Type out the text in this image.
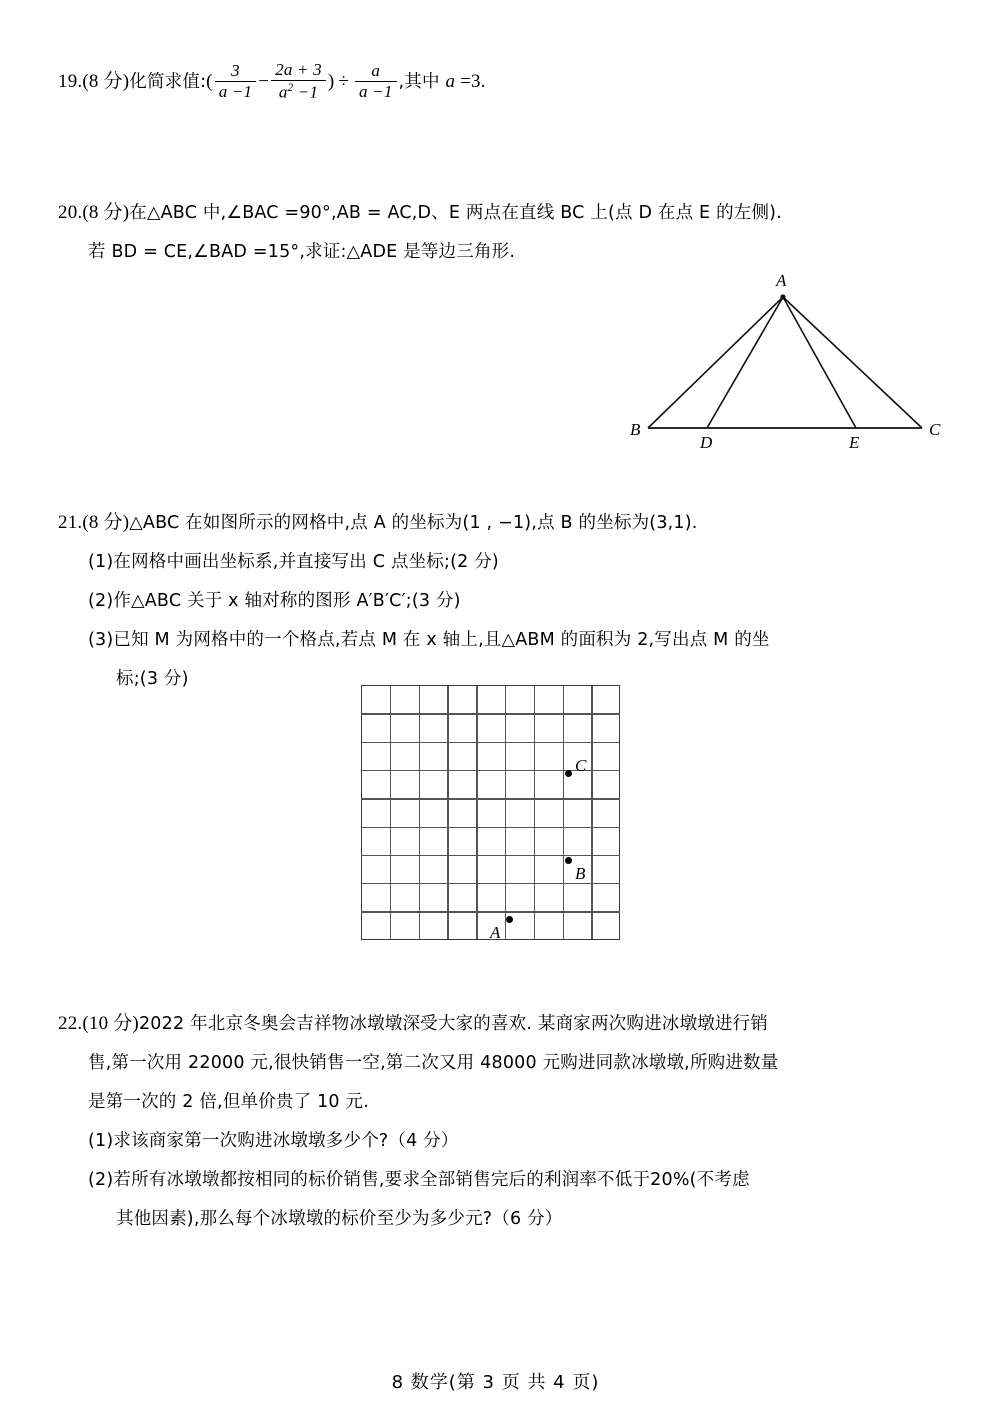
19.(8 分)化简求值:( $\frac{3}{a -1} - \frac{2a + 3}{a^2 -1}$ ) ÷ $\frac{a}{a -1}$ ,其中 a =3.
20.(8 分)在△ABC 中,∠BAC =90°,AB = AC,D、E 两点在直线 BC 上(点 D 在点 E 的左侧).
若 BD = CE,∠BAD =15°,求证:△ADE 是等边三角形.
A
B	C
D	E
21.(8 分)△ABC 在如图所示的网格中,点 A 的坐标为(1 , −1),点 B 的坐标为(3,1).
(1)在网格中画出坐标系,并直接写出 C 点坐标;(2 分)
(2)作△ABC 关于 x 轴对称的图形 A′B′C′;(3 分)
(3)已知 M 为网格中的一个格点,若点 M 在 x 轴上,且△ABM 的面积为 2,写出点 M 的坐
标;(3 分)
C
B
A
22.(10 分)2022 年北京冬奥会吉祥物冰墩墩深受大家的喜欢. 某商家两次购进冰墩墩进行销
售,第一次用 22000 元,很快销售一空,第二次又用 48000 元购进同款冰墩墩,所购进数量
是第一次的 2 倍,但单价贵了 10 元.
(1)求该商家第一次购进冰墩墩多少个?（4 分）
(2)若所有冰墩墩都按相同的标价销售,要求全部销售完后的利润率不低于20%(不考虑
其他因素),那么每个冰墩墩的标价至少为多少元?（6 分）
8 数学(第 3 页 共 4 页)
